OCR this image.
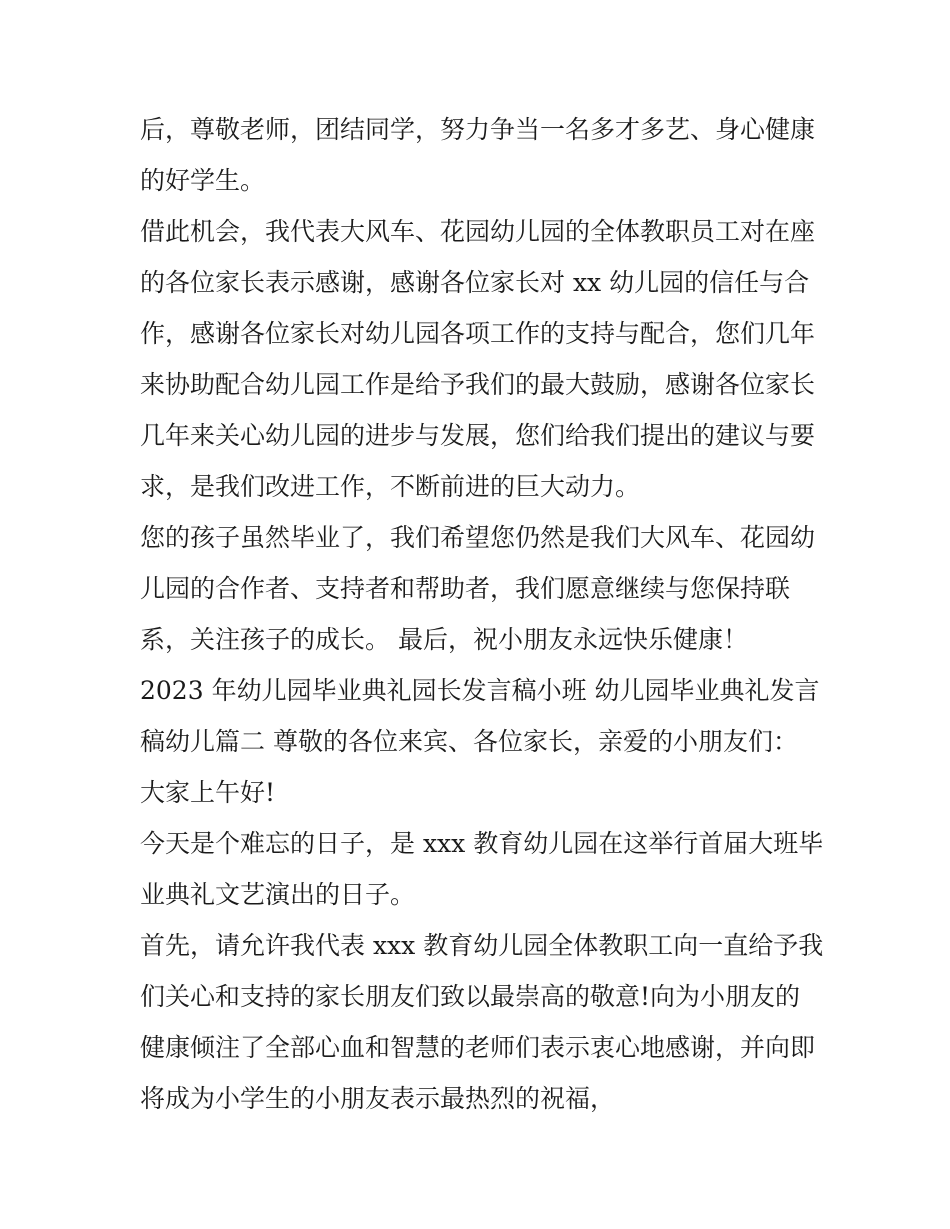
后，尊敬老师，团结同学，努力争当一名多才多艺、身心健康
的好学生。

借此机会，我代表大风车、花园幼儿园的全体教职员工对在座
的各位家长表示感谢，感谢各位家长对 xx 幼儿园的信任与合
作，感谢各位家长对幼儿园各项工作的支持与配合，您们几年
来协助配合幼儿园工作是给予我们的最大鼓励，感谢各位家长
几年来关心幼儿园的进步与发展，您们给我们提出的建议与要
求，是我们改进工作，不断前进的巨大动力。

您的孩子虽然毕业了，我们希望您仍然是我们大风车、花园幼
儿园的合作者、支持者和帮助者，我们愿意继续与您保持联
系，关注孩子的成长。 最后，祝小朋友永远快乐健康！

2023 年幼儿园毕业典礼园长发言稿小班 幼儿园毕业典礼发言
稿幼儿篇二 尊敬的各位来宾、各位家长，亲爱的小朋友们：
大家上午好!

今天是个难忘的日子，是 xxx 教育幼儿园在这举行首届大班毕
业典礼文艺演出的日子。

首先，请允许我代表 xxx 教育幼儿园全体教职工向一直给予我
们关心和支持的家长朋友们致以最崇高的敬意!向为小朋友的
健康倾注了全部心血和智慧的老师们表示衷心地感谢，并向即
将成为小学生的小朋友表示最热烈的祝福，
